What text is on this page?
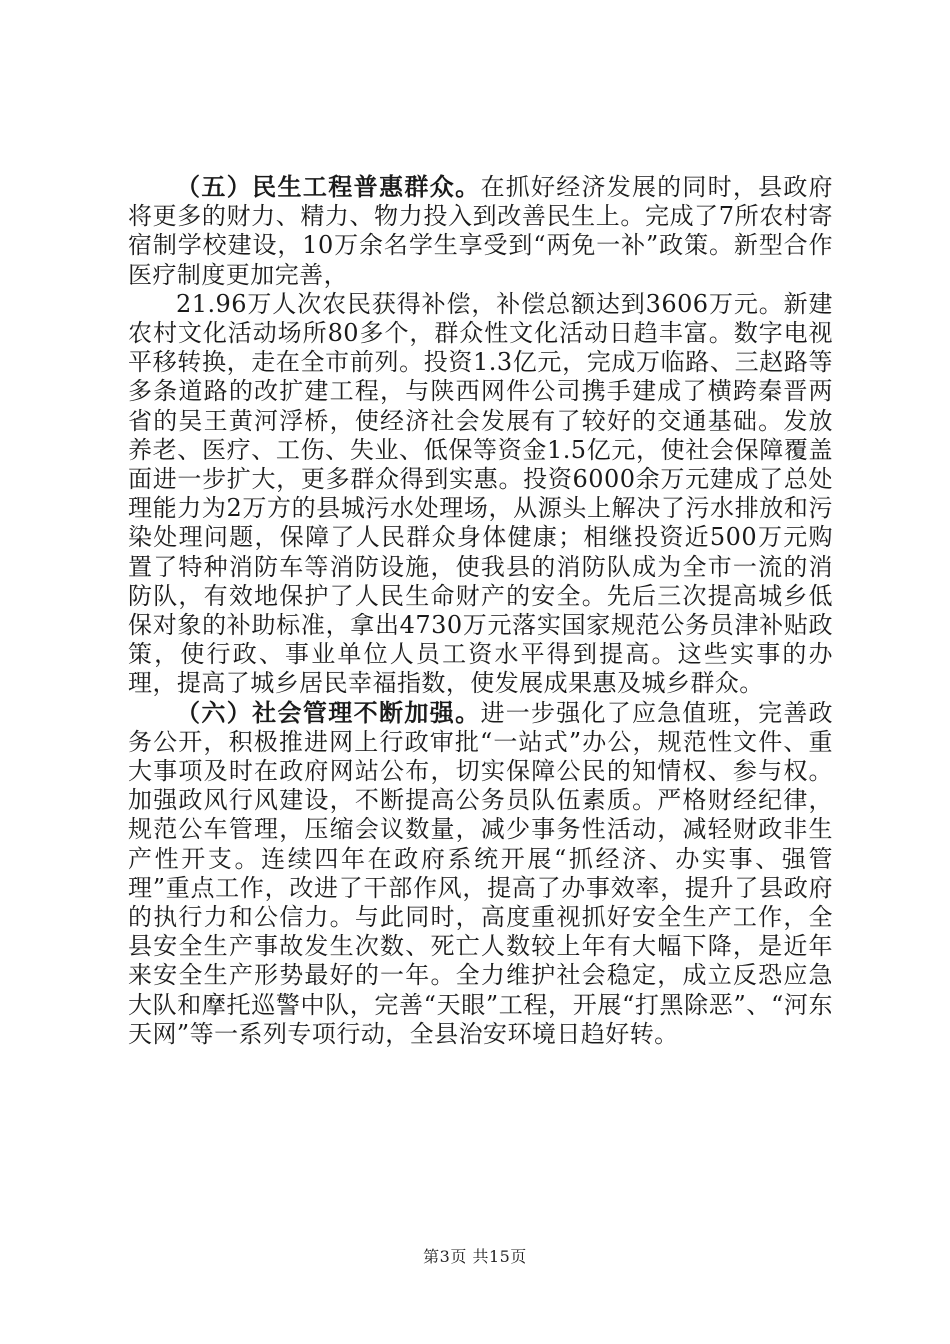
（五）民生工程普惠群众。在抓好经济发展的同时，县政府将更多的财力、精力、物力投入到改善民生上。完成了7所农村寄宿制学校建设，10万余名学生享受到“两免一补”政策。新型合作医疗制度更加完善，

21.96万人次农民获得补偿，补偿总额达到3606万元。新建农村文化活动场所80多个，群众性文化活动日趋丰富。数字电视平移转换，走在全市前列。投资1.3亿元，完成万临路、三赵路等多条道路的改扩建工程，与陕西网件公司携手建成了横跨秦晋两省的吴王黄河浮桥，使经济社会发展有了较好的交通基础。发放养老、医疗、工伤、失业、低保等资金1.5亿元，使社会保障覆盖面进一步扩大，更多群众得到实惠。投资6000余万元建成了总处理能力为2万方的县城污水处理场，从源头上解决了污水排放和污染处理问题，保障了人民群众身体健康；相继投资近500万元购置了特种消防车等消防设施，使我县的消防队成为全市一流的消防队，有效地保护了人民生命财产的安全。先后三次提高城乡低保对象的补助标准，拿出4730万元落实国家规范公务员津补贴政策，使行政、事业单位人员工资水平得到提高。这些实事的办理，提高了城乡居民幸福指数，使发展成果惠及城乡群众。

（六）社会管理不断加强。进一步强化了应急值班，完善政务公开，积极推进网上行政审批“一站式”办公，规范性文件、重大事项及时在政府网站公布，切实保障公民的知情权、参与权。加强政风行风建设，不断提高公务员队伍素质。严格财经纪律，规范公车管理，压缩会议数量，减少事务性活动，减轻财政非生产性开支。连续四年在政府系统开展“抓经济、办实事、强管理”重点工作，改进了干部作风，提高了办事效率，提升了县政府的执行力和公信力。与此同时，高度重视抓好安全生产工作，全县安全生产事故发生次数、死亡人数较上年有大幅下降，是近年来安全生产形势最好的一年。全力维护社会稳定，成立反恐应急大队和摩托巡警中队，完善“天眼”工程，开展“打黑除恶”、“河东天网”等一系列专项行动，全县治安环境日趋好转。

第3页 共15页
